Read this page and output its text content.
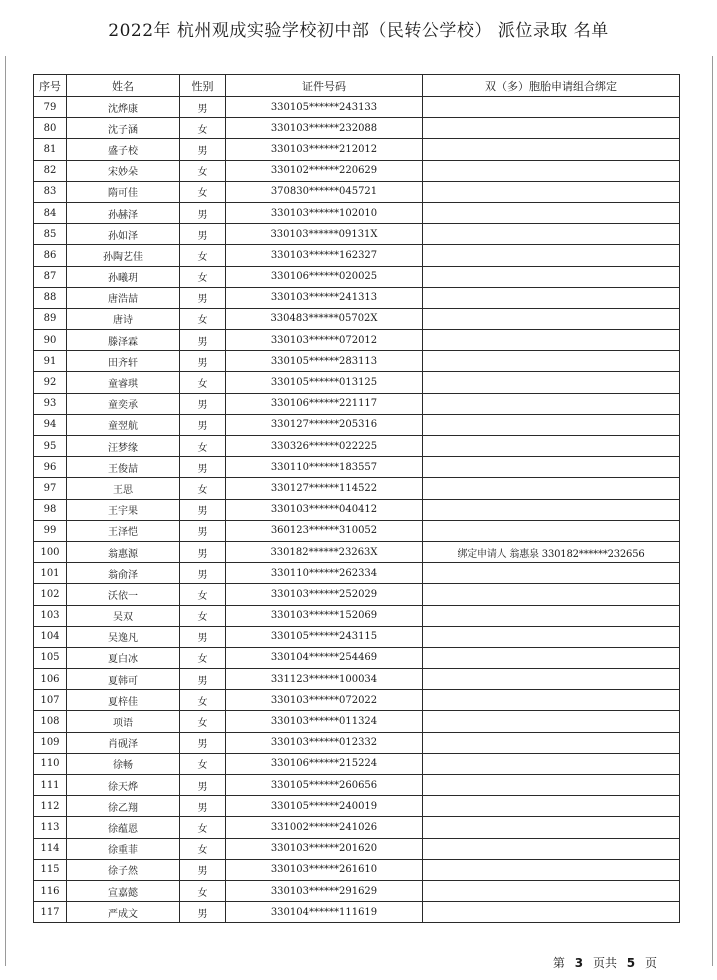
2022年 杭州观成实验学校初中部（民转公学校） 派位录取 名单
序号	姓名	性别	证件号码	双（多）胞胎申请组合绑定
79	沈烨康	男	330105******243133	
80	沈子涵	女	330103******232088	
81	盛子校	男	330103******212012	
82	宋妙朵	女	330102******220629	
83	隋可佳	女	370830******045721	
84	孙赫泽	男	330103******102010	
85	孙如泽	男	330103******09131X	
86	孙陶艺佳	女	330103******162327	
87	孙曦玥	女	330106******020025	
88	唐浩喆	男	330103******241313	
89	唐诗	女	330483******05702X	
90	滕泽霖	男	330103******072012	
91	田齐轩	男	330105******283113	
92	童睿琪	女	330105******013125	
93	童奕承	男	330106******221117	
94	童翌航	男	330127******205316	
95	汪梦缘	女	330326******022225	
96	王俊喆	男	330110******183557	
97	王思	女	330127******114522	
98	王宇果	男	330103******040412	
99	王泽恺	男	360123******310052	
100	翁惠源	男	330182******23263X	绑定申请人 翁惠泉 330182******232656
101	翁俞泽	男	330110******262334	
102	沃依一	女	330103******252029	
103	吴双	女	330103******152069	
104	吴逸凡	男	330105******243115	
105	夏白冰	女	330104******254469	
106	夏韩可	男	331123******100034	
107	夏梓佳	女	330103******072022	
108	项语	女	330103******011324	
109	肖砚泽	男	330103******012332	
110	徐畅	女	330106******215224	
111	徐天烨	男	330105******260656	
112	徐乙翔	男	330105******240019	
113	徐蕴恩	女	331002******241026	
114	徐重菲	女	330103******201620	
115	徐子然	男	330103******261610	
116	宣嘉懿	女	330103******291629	
117	严成文	男	330104******111619	
第 3 页共 5 页
